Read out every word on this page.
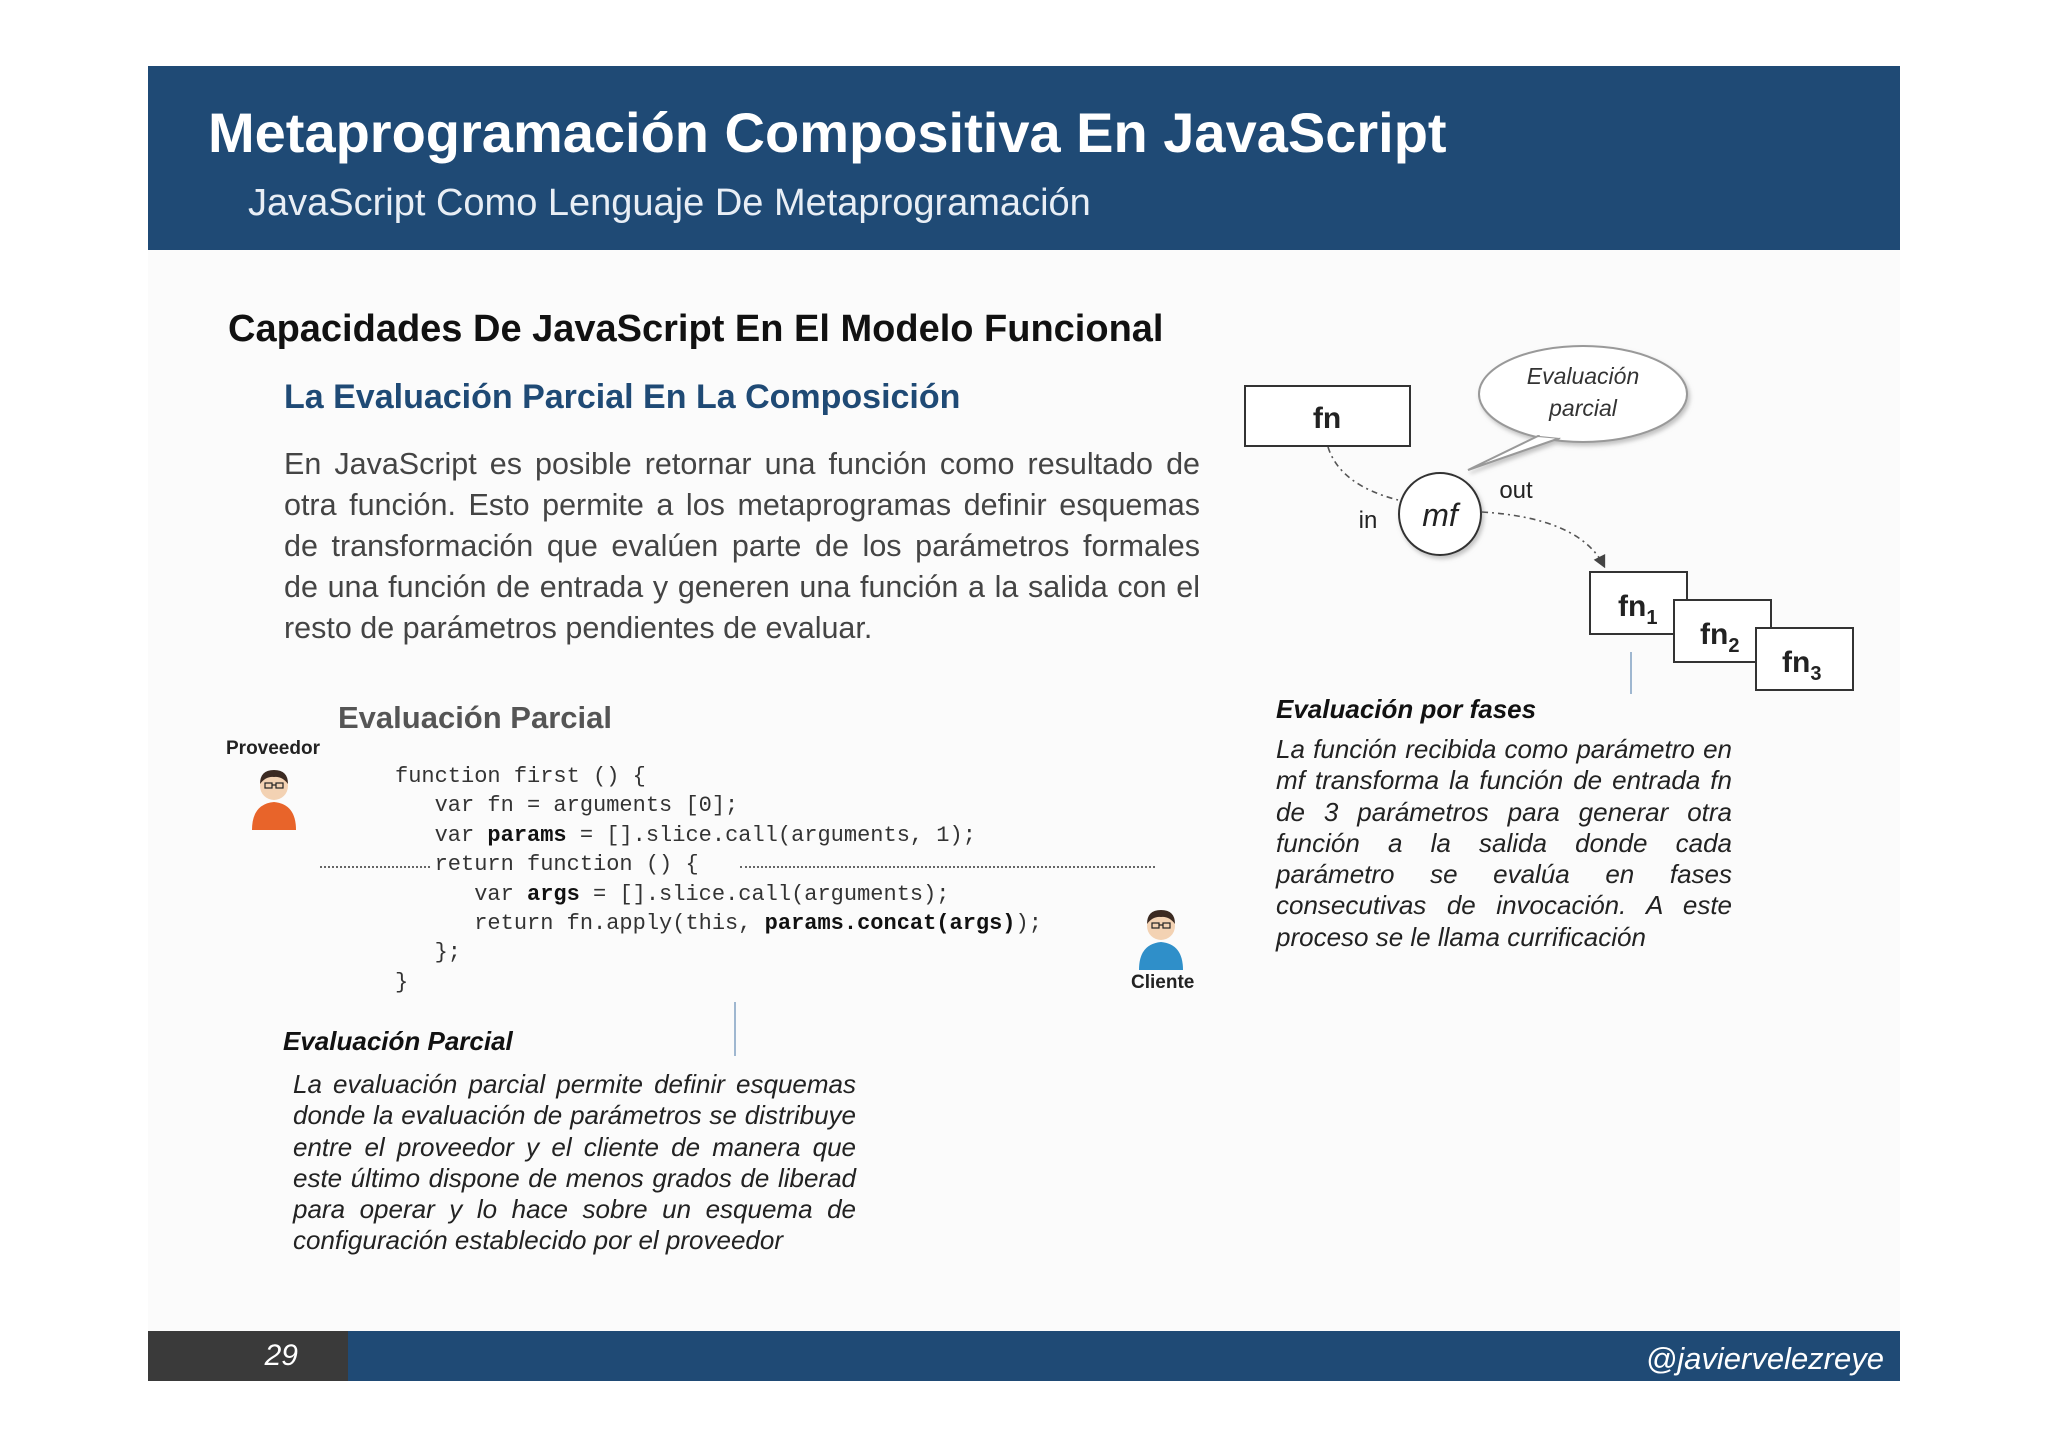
Metaprogramación Compositiva En JavaScript
JavaScript Como Lenguaje De Metaprogramación
Capacidades De JavaScript En El Modelo Funcional
La Evaluación Parcial En La Composición
En JavaScript es posible retornar una función como resultado de otra función. Esto permite a los metaprogramas definir esquemas de transformación que evalúen parte de los parámetros formales de una función de entrada y generen una función a la salida con el resto de parámetros pendientes de evaluar.
Evaluación Parcial
Proveedor
function first () {
var fn = arguments [0];
var params = [].slice.call(arguments, 1);
return function () {
var args = [].slice.call(arguments);
return fn.apply(this, params.concat(args));
};
}	Cliente
Evaluación Parcial
La evaluación parcial permite definir esquemas donde la evaluación de parámetros se distribuye entre el proveedor y el cliente de manera que este último dispone de menos grados de liberad para operar y lo hace sobre un esquema de configuración establecido por el proveedor
fn
Evaluación
parcial
mf
in
out
$fn_1$ $fn_2$ $fn_3$
Evaluación por fases
La función recibida como parámetro en mf transforma la función de entrada fn de 3 parámetros para generar otra función a la salida donde cada parámetro se evalúa en fases consecutivas de invocación. A este proceso se le llama currificación
29	@javiervelezreye
